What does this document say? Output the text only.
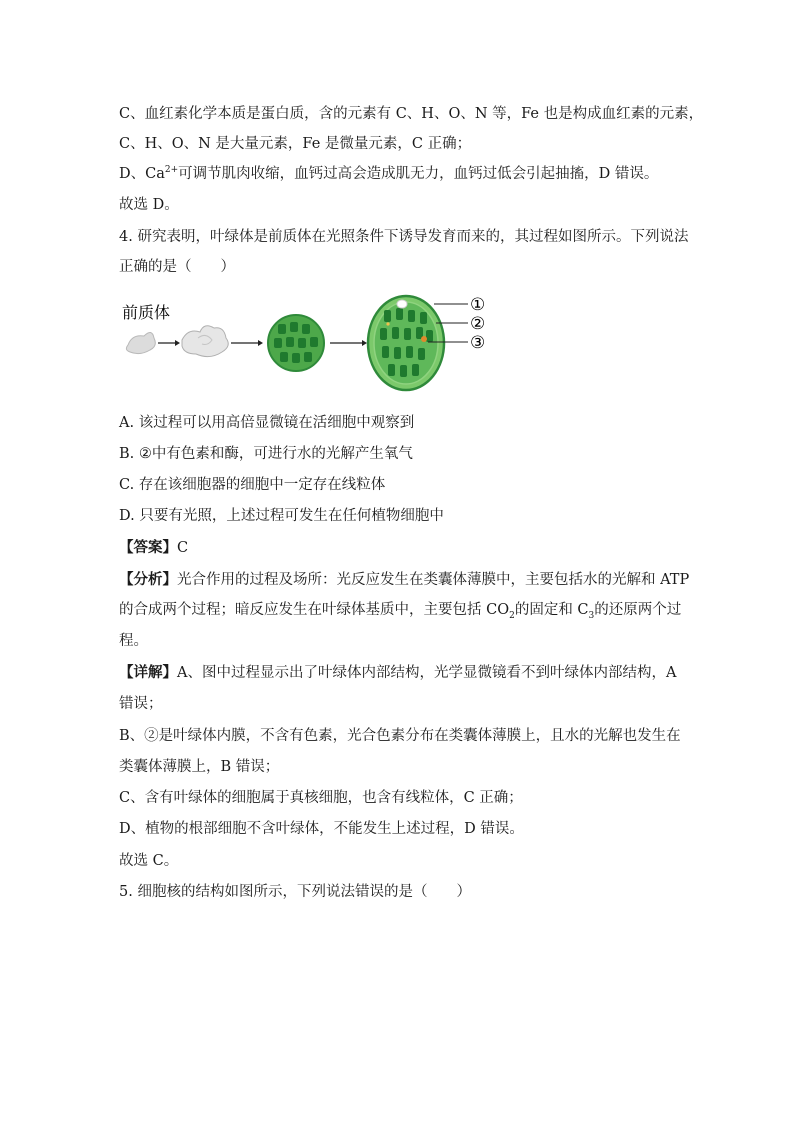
C、血红素化学本质是蛋白质，含的元素有 C、H、O、N 等，Fe 也是构成血红素的元素，
C、H、O、N 是大量元素，Fe 是微量元素，C 正确；
D、$Ca^{2+}$可调节肌肉收缩，血钙过高会造成肌无力，血钙过低会引起抽搐，D 错误。
故选 D。
4. 研究表明，叶绿体是前质体在光照条件下诱导发育而来的，其过程如图所示。下列说法
正确的是（　　）
前质体	①
②
③
A. 该过程可以用高倍显微镜在活细胞中观察到
B. ②中有色素和酶，可进行水的光解产生氧气
C. 存在该细胞器的细胞中一定存在线粒体
D. 只要有光照，上述过程可发生在任何植物细胞中
【答案】C
【分析】光合作用的过程及场所：光反应发生在类囊体薄膜中，主要包括水的光解和 ATP
的合成两个过程；暗反应发生在叶绿体基质中，主要包括 $CO_2$的固定和 $C_3$的还原两个过
程。
【详解】A、图中过程显示出了叶绿体内部结构，光学显微镜看不到叶绿体内部结构，A
错误；
B、②是叶绿体内膜，不含有色素，光合色素分布在类囊体薄膜上，且水的光解也发生在
类囊体薄膜上，B 错误；
C、含有叶绿体的细胞属于真核细胞，也含有线粒体，C 正确；
D、植物的根部细胞不含叶绿体，不能发生上述过程，D 错误。
故选 C。
5. 细胞核的结构如图所示，下列说法错误的是（　　）
